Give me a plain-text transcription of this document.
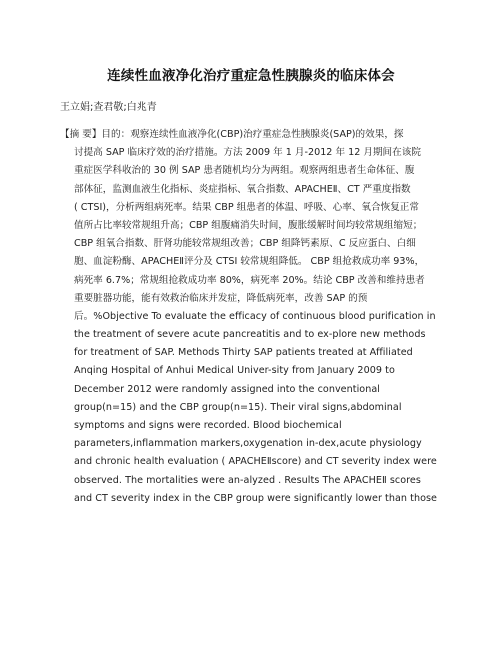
连续性血液净化治疗重症急性胰腺炎的临床体会
王立娟;查君敬;白兆青
【摘 要】目的：观察连续性血液净化(CBP)治疗重症急性胰腺炎(SAP)的效果，探
讨提高 SAP 临床疗效的治疗措施。方法 2009 年 1 月-2012 年 12 月期间在该院
重症医学科收治的 30 例 SAP 患者随机均分为两组。观察两组患者生命体征、腹
部体征，监测血液生化指标、炎症指标、氧合指数、APACHEⅡ、CT 严重度指数
( CTSI)，分析两组病死率。结果 CBP 组患者的体温、呼吸、心率、氧合恢复正常
值所占比率较常规组升高；CBP 组腹痛消失时间，腹胀缓解时间均较常规组缩短；
CBP 组氧合指数、肝肾功能较常规组改善；CBP 组降钙素原、C 反应蛋白、白细
胞、血淀粉酶、APACHEⅡ评分及 CTSI 较常规组降低。 CBP 组抢救成功率 93%，
病死率 6.7%；常规组抢救成功率 80%，病死率 20%。结论 CBP 改善和维持患者
重要脏器功能，能有效救治临床并发症，降低病死率，改善 SAP 的预
后。%Objective To evaluate the efficacy of continuous blood purification in
the treatment of severe acute pancreatitis and to ex-plore new methods
for treatment of SAP. Methods Thirty SAP patients treated at Affiliated
Anqing Hospital of Anhui Medical Univer-sity from January 2009 to
December 2012 were randomly assigned into the conventional
group(n=15) and the CBP group(n=15). Their viral signs,abdominal
symptoms and signs were recorded. Blood biochemical
parameters,inflammation markers,oxygenation in-dex,acute physiology
and chronic health evaluation ( APACHEⅡscore) and CT severity index were
observed. The mortalities were an-alyzed . Results The APACHEⅡ scores
and CT severity index in the CBP group were significantly lower than those
